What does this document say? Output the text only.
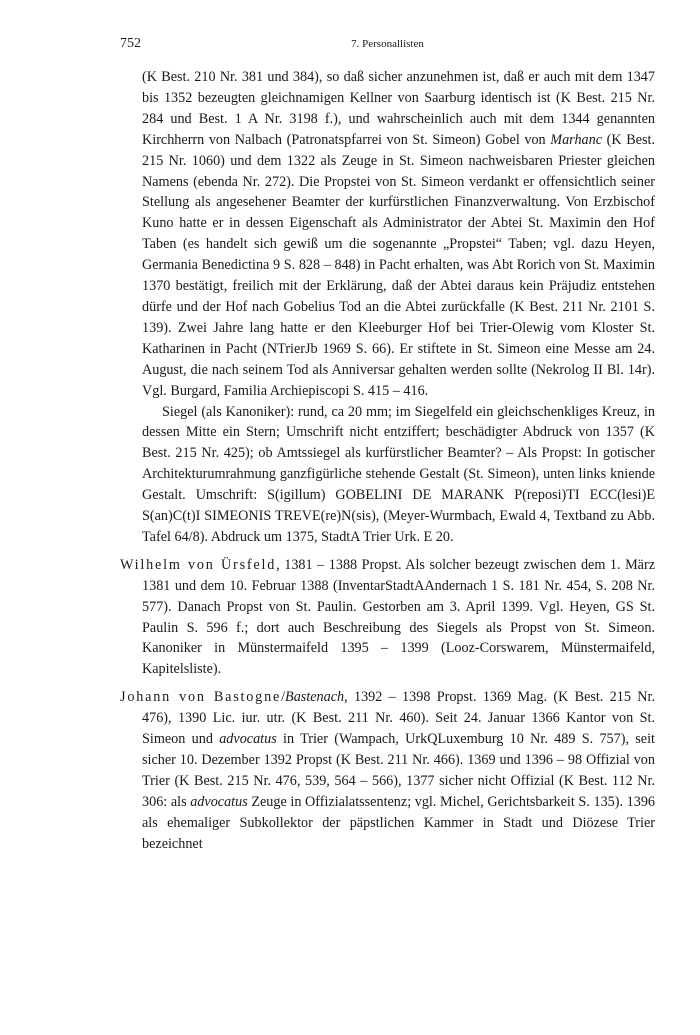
752	7. Personallisten

(K Best. 210 Nr. 381 und 384), so daß sicher anzunehmen ist, daß er auch mit dem 1347 bis 1352 bezeugten gleichnamigen Kellner von Saarburg identisch ist (K Best. 215 Nr. 284 und Best. 1 A Nr. 3198 f.), und wahrscheinlich auch mit dem 1344 genannten Kirchherrn von Nalbach (Patronatspfarrei von St. Simeon) Gobel von Marhanc (K Best. 215 Nr. 1060) und dem 1322 als Zeuge in St. Simeon nachweisbaren Priester gleichen Namens (ebenda Nr. 272). Die Propstei von St. Simeon verdankt er offensichtlich seiner Stellung als angesehener Beamter der kurfürstlichen Finanzverwaltung. Von Erzbischof Kuno hatte er in dessen Eigenschaft als Administrator der Abtei St. Maximin den Hof Taben (es handelt sich gewiß um die sogenannte „Propstei“ Taben; vgl. dazu Heyen, Germania Benedictina 9 S. 828 – 848) in Pacht erhalten, was Abt Rorich von St. Maximin 1370 bestätigt, freilich mit der Erklärung, daß der Abtei daraus kein Präjudiz entstehen dürfe und der Hof nach Gobelius Tod an die Abtei zurückfalle (K Best. 211 Nr. 2101 S. 139). Zwei Jahre lang hatte er den Kleeburger Hof bei Trier-Olewig vom Kloster St. Katharinen in Pacht (NTrierJb 1969 S. 66). Er stiftete in St. Simeon eine Messe am 24. August, die nach seinem Tod als Anniversar gehalten werden sollte (Nekrolog II Bl. 14r). Vgl. Burgard, Familia Archiepiscopi S. 415 – 416.

Siegel (als Kanoniker): rund, ca 20 mm; im Siegelfeld ein gleichschenkliges Kreuz, in dessen Mitte ein Stern; Umschrift nicht entziffert; beschädigter Abdruck von 1357 (K Best. 215 Nr. 425); ob Amtssiegel als kurfürstlicher Beamter? – Als Propst: In gotischer Architekturumrahmung ganzfigürliche stehende Gestalt (St. Simeon), unten links kniende Gestalt. Umschrift: S(igillum) GOBELINI DE MARANK P(reposi)TI ECC(lesi)E S(an)C(t)I SIMEONIS TREVE(re)N(sis), (Meyer-Wurmbach, Ewald 4, Textband zu Abb. Tafel 64/8). Abdruck um 1375, StadtA Trier Urk. E 20.

Wilhelm von Ürsfeld, 1381 – 1388 Propst. Als solcher bezeugt zwischen dem 1. März 1381 und dem 10. Februar 1388 (InventarStadtAAndernach 1 S. 181 Nr. 454, S. 208 Nr. 577). Danach Propst von St. Paulin. Gestorben am 3. April 1399. Vgl. Heyen, GS St. Paulin S. 596 f.; dort auch Beschreibung des Siegels als Propst von St. Simeon. Kanoniker in Münstermaifeld 1395 – 1399 (Looz-Corswarem, Münstermaifeld, Kapitelsliste).

Johann von Bastogne/Bastenach, 1392 – 1398 Propst. 1369 Mag. (K Best. 215 Nr. 476), 1390 Lic. iur. utr. (K Best. 211 Nr. 460). Seit 24. Januar 1366 Kantor von St. Simeon und advocatus in Trier (Wampach, UrkQLuxemburg 10 Nr. 489 S. 757), seit sicher 10. Dezember 1392 Propst (K Best. 211 Nr. 466). 1369 und 1396 – 98 Offizial von Trier (K Best. 215 Nr. 476, 539, 564 – 566), 1377 sicher nicht Offizial (K Best. 112 Nr. 306: als advocatus Zeuge in Offizialatssentenz; vgl. Michel, Gerichtsbarkeit S. 135). 1396 als ehemaliger Subkollektor der päpstlichen Kammer in Stadt und Diözese Trier bezeichnet
